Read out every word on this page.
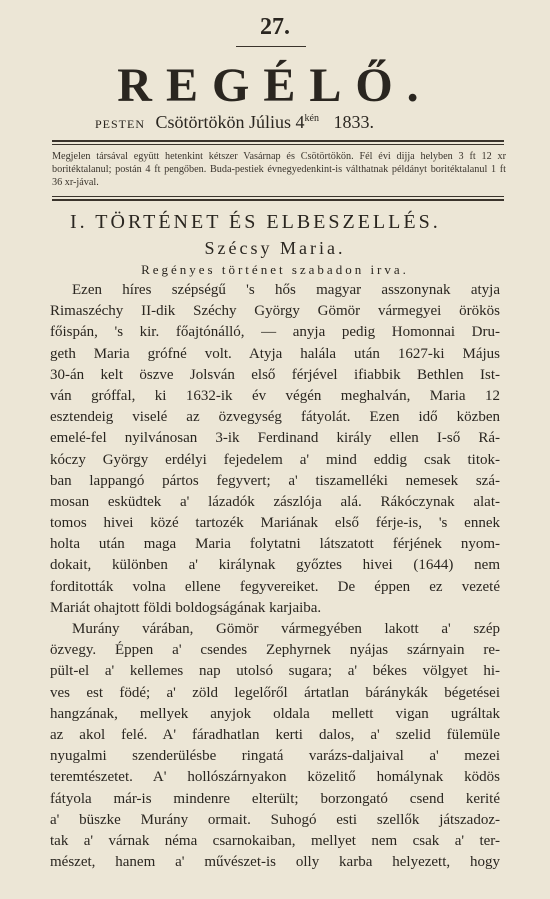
27.
REGÉLŐ.
PESTEN Csötörtökön Július $4^{kén}$ 1833.
Megjelen társával együtt hetenkint kétszer Vasárnap és Csötörtökön. Fél évi dijja helyben 3 ft 12 xr boritéktalanul; postán 4 ft pengőben. Buda-pestiek évnegyedenkint-is válthatnak példányt boritéktalanul 1 ft 36 xr-jával.
I. TÖRTÉNET ÉS ELBESZELLÉS.
Szécsy Maria.
Regényes történet szabadon irva.
Ezen híres szépségű 's hős magyar asszonynak atyja
Rimaszéchy II-dik Széchy György Gömör vármegyei örökös
főispán, 's kir. főajtónálló, — anyja pedig Homonnai Dru-
geth Maria grófné volt. Atyja halála után 1627-ki Május
30-án kelt öszve Jolsván első férjével ifiabbik Bethlen Ist-
ván gróffal, ki 1632-ik év végén meghalván, Maria 12
esztendeig viselé az özvegység fátyolát. Ezen idő közben
emelé-fel nyilvánosan 3-ik Ferdinand király ellen I-ső Rá-
kóczy György erdélyi fejedelem a' mind eddig csak titok-
ban lappangó pártos fegyvert; a' tiszamelléki nemesek szá-
mosan esküdtek a' lázadók zászlója alá. Rákóczynak alat-
tomos hivei közé tartozék Mariának első férje-is, 's ennek
holta után maga Maria folytatni látszatott férjének nyom-
dokait, különben a' királynak győztes hivei (1644) nem
forditották volna ellene fegyvereiket. De éppen ez vezeté
Mariát ohajtott földi boldogságának karjaiba.
Murány várában, Gömör vármegyében lakott a' szép
özvegy. Éppen a' csendes Zephyrnek nyájas szárnyain re-
pült-el a' kellemes nap utolsó sugara; a' békes völgyet hi-
ves est födé; a' zöld legelőről ártatlan báránykák bégetései
hangzának, mellyek anyjok oldala mellett vigan ugráltak
az akol felé. A' fáradhatlan kerti dalos, a' szelid fülemüle
nyugalmi szenderülésbe ringatá varázs-daljaival a' mezei
teremtészetet. A' hollószárnyakon közelitő homálynak ködös
fátyola már-is mindenre elterült; borzongató csend kerité
a' büszke Murány ormait. Suhogó esti szellők játszadoz-
tak a' várnak néma csarnokaiban, mellyet nem csak a' ter-
mészet, hanem a' művészet-is olly karba helyezett, hogy
